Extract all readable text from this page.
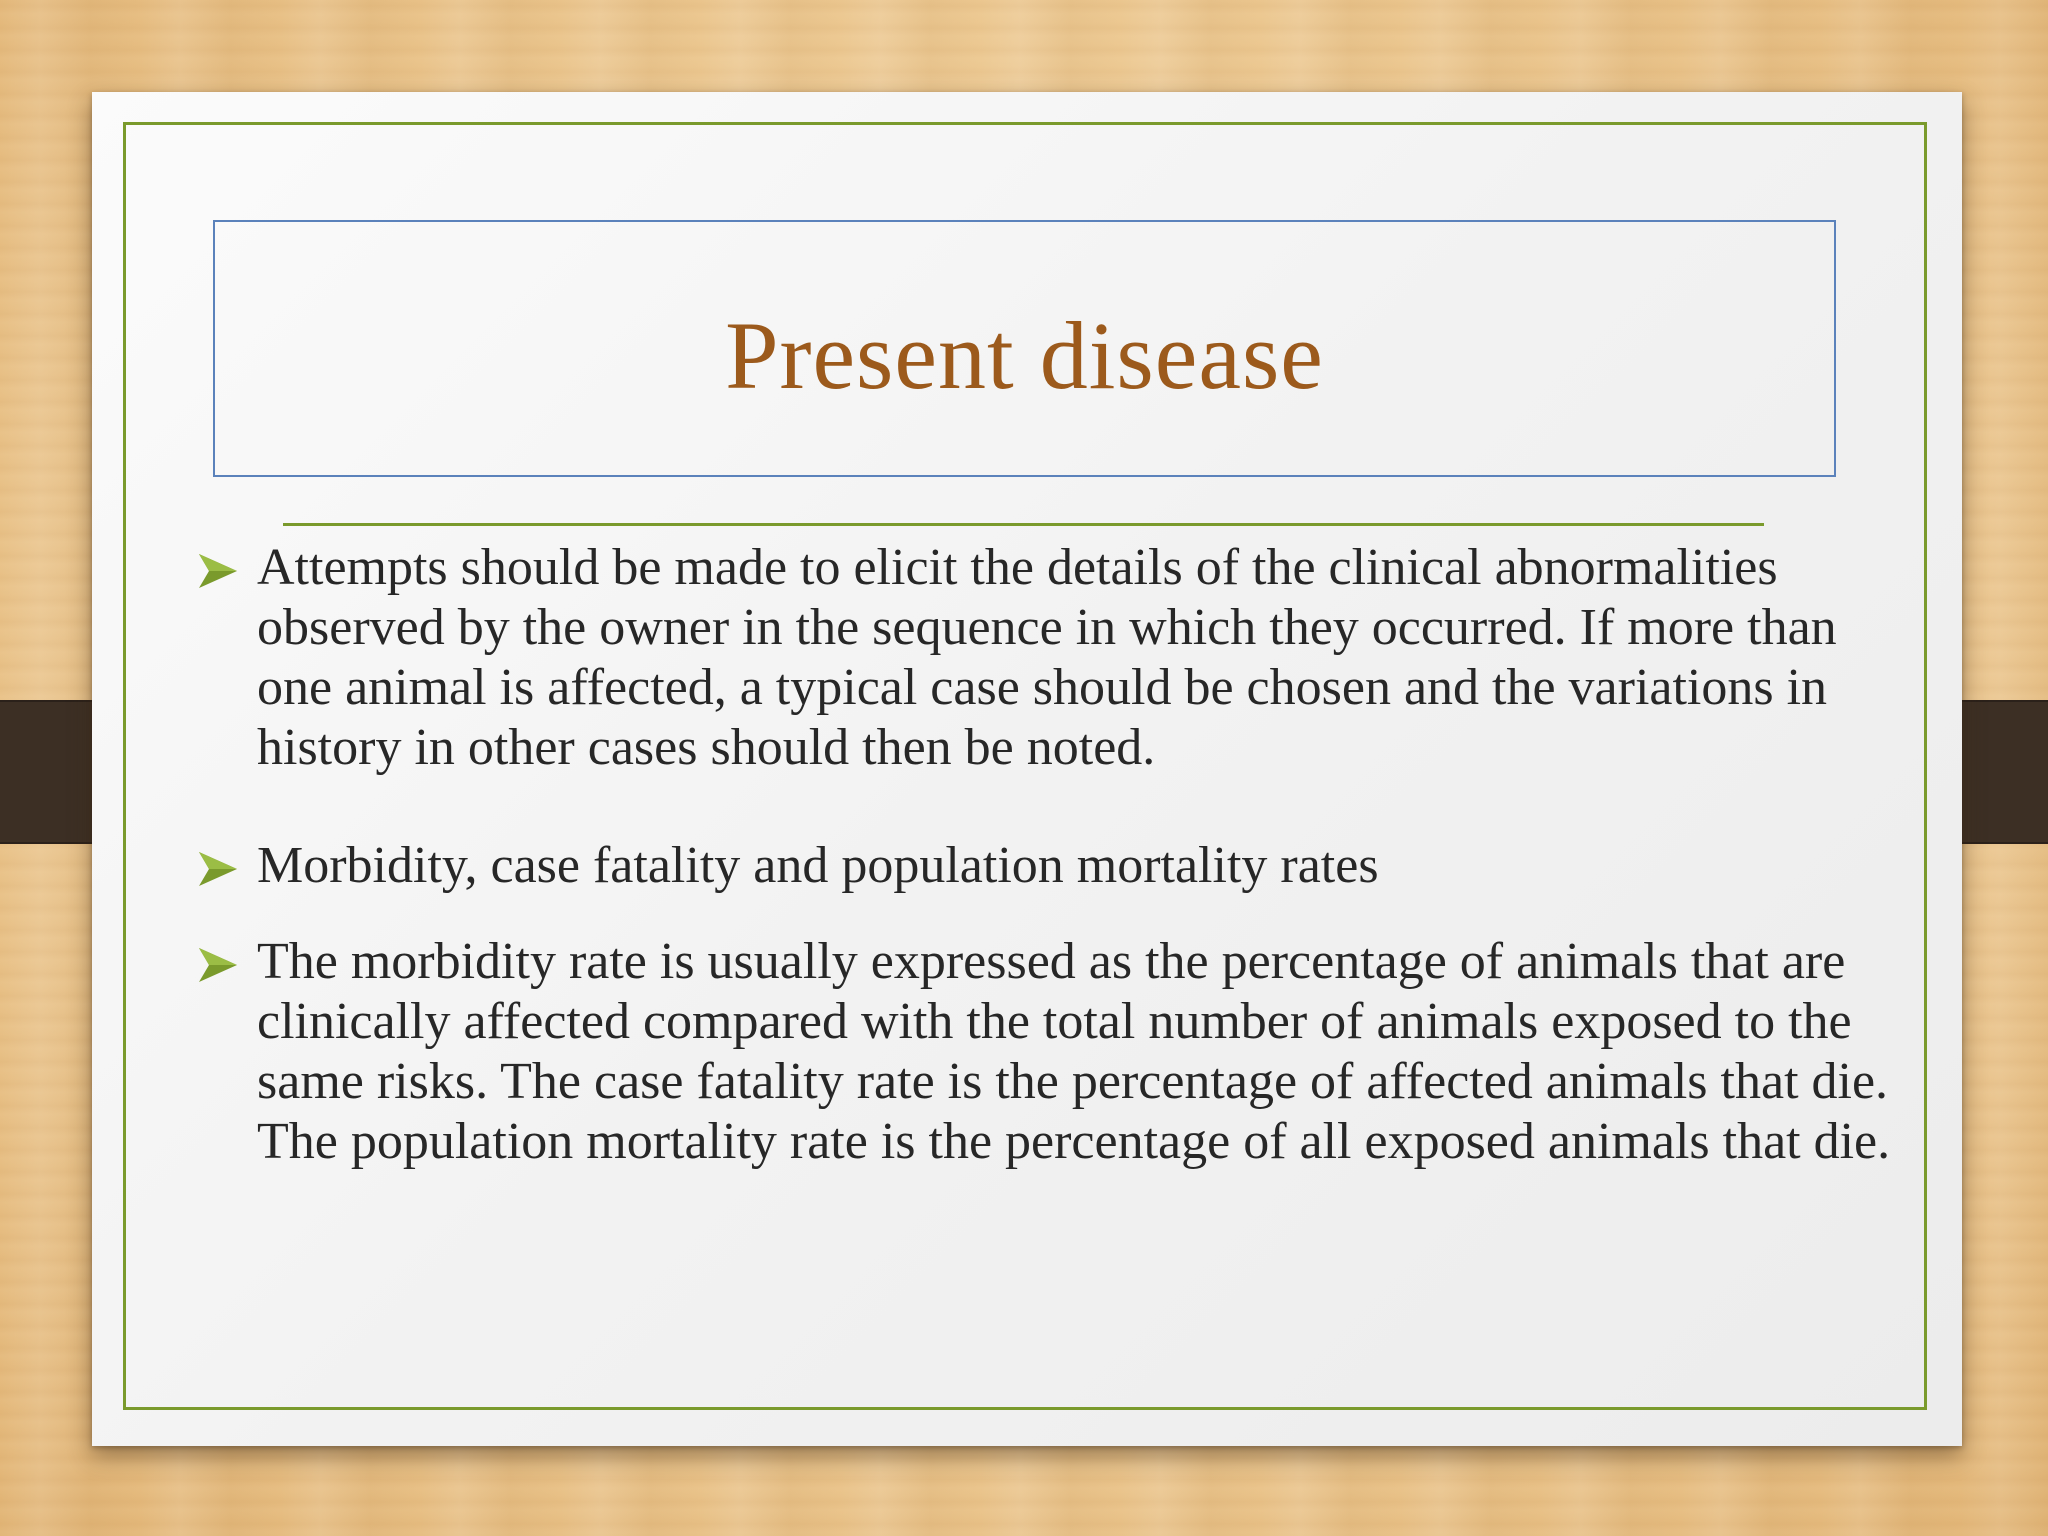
Present disease
Attempts should be made to elicit the details of the clinical abnormalities observed by the owner in the sequence in which they occurred. If more than one animal is affected, a typical case should be chosen and the variations in history in other cases should then be noted.
Morbidity, case fatality and population mortality rates
The morbidity rate is usually expressed as the percentage of animals that are clinically affected compared with the total number of animals exposed to the same risks. The case fatality rate is the percentage of affected animals that die. The population mortality rate is the percentage of all exposed animals that die.
